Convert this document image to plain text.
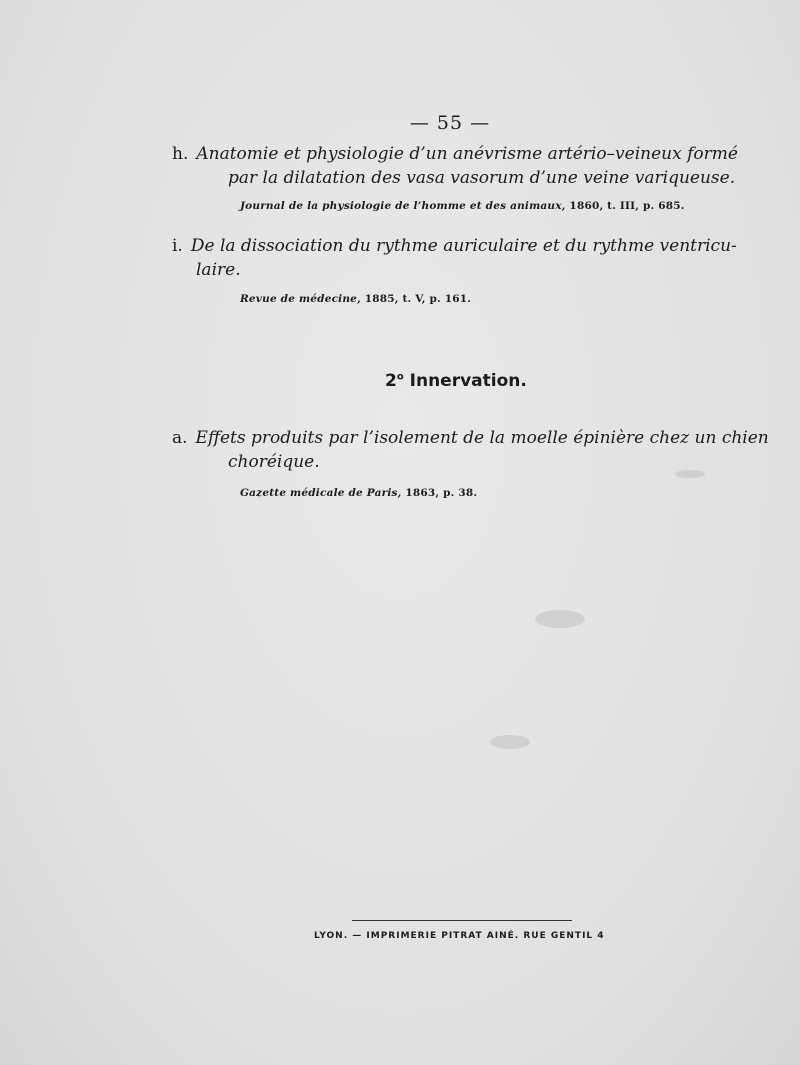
— 55 —
h. Anatomie et physiologie d’un anévrisme artério–veineux formé
par la dilatation des vasa vasorum d’une veine variqueuse.
Journal de la physiologie de l’homme et des animaux, 1860, t. III, p. 685.
i. De la dissociation du rythme auriculaire et du rythme ventricu-
laire.
Revue de médecine, 1885, t. V, p. 161.
2$^o$ Innervation.
a. Effets produits par l’isolement de la moelle épinière chez un chien
choréique.
Gazette médicale de Paris, 1863, p. 38.
LYON. — IMPRIMERIE PITRAT AINÉ. RUE GENTIL 4
